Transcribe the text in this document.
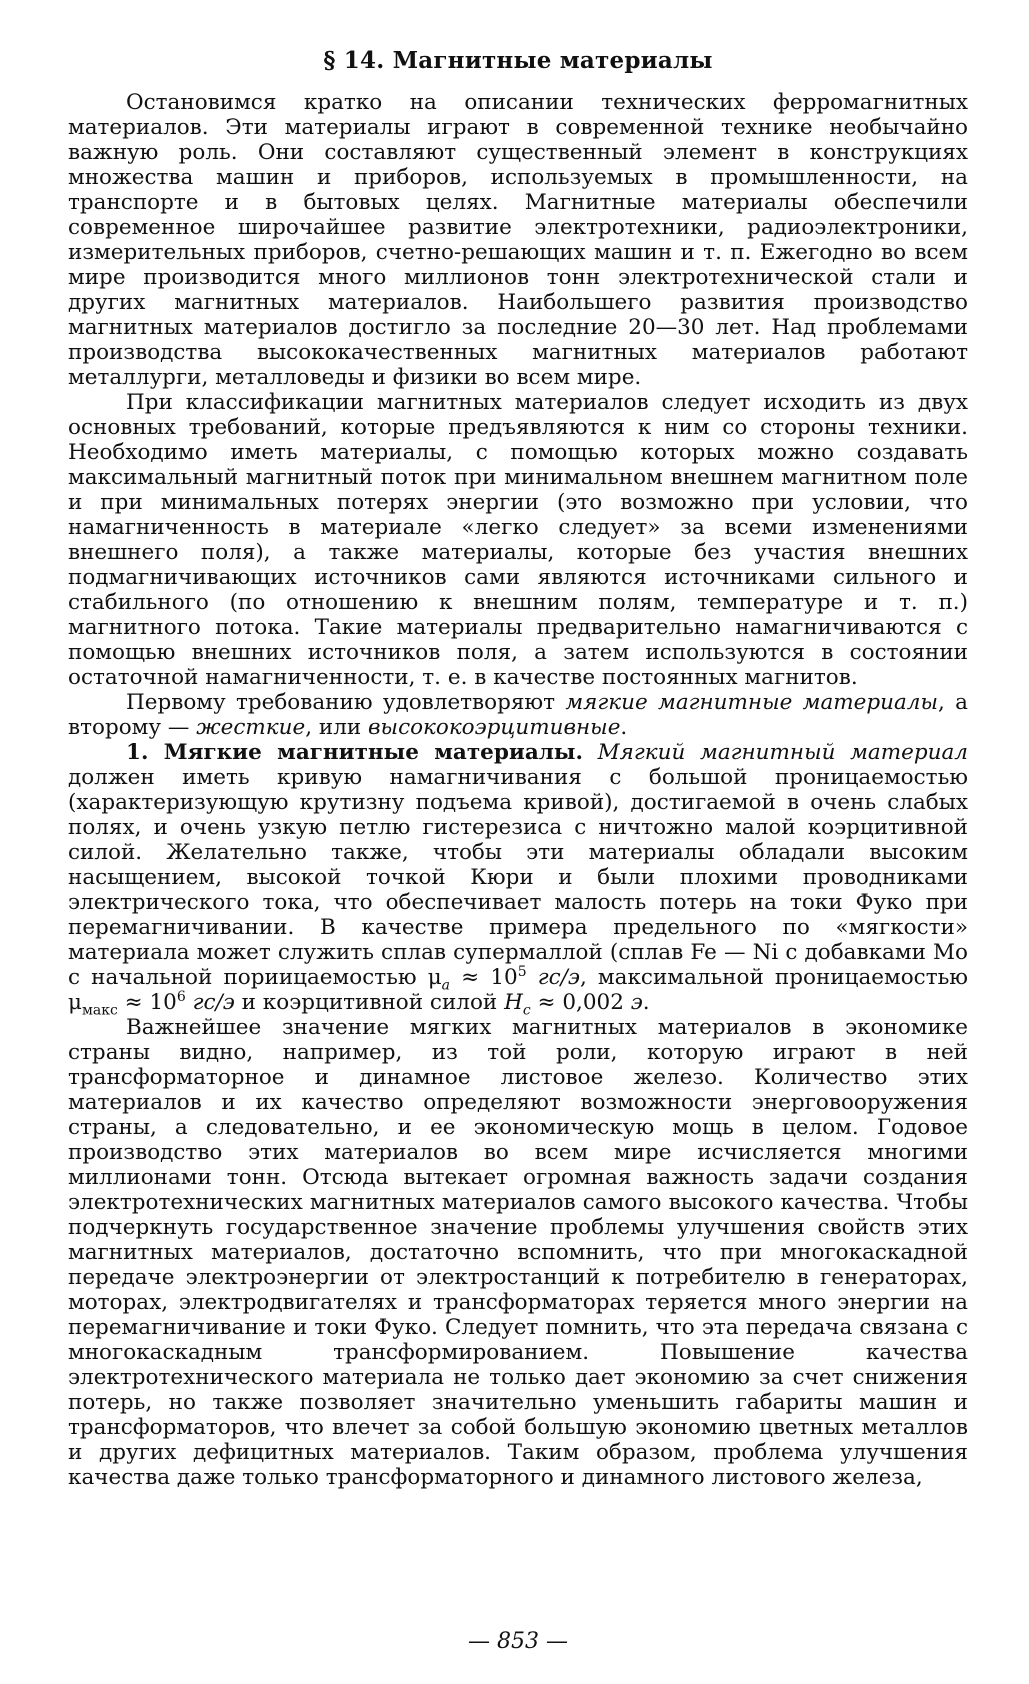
§ 14. Магнитные материалы

Остановимся кратко на описании технических ферромагнитных материалов. Эти материалы играют в современной технике необычайно важную роль. Они составляют существенный элемент в конструкциях множества машин и приборов, используемых в промышленности, на транспорте и в бытовых целях. Магнитные материалы обеспечили современное широчайшее развитие электротехники, радиоэлектроники, измерительных приборов, счетно-решающих машин и т. п. Ежегодно во всем мире производится много миллионов тонн электротехнической стали и других магнитных материалов. Наибольшего развития производство магнитных материалов достигло за последние 20—30 лет. Над проблемами производства высококачественных магнитных материалов работают металлурги, металловеды и физики во всем мире.

При классификации магнитных материалов следует исходить из двух основных требований, которые предъявляются к ним со стороны техники. Необходимо иметь материалы, с помощью которых можно создавать максимальный магнитный поток при минимальном внешнем магнитном поле и при минимальных потерях энергии (это возможно при условии, что намагниченность в материале «легко следует» за всеми изменениями внешнего поля), а также материалы, которые без участия внешних подмагничивающих источников сами являются источниками сильного и стабильного (по отношению к внешним полям, температуре и т. п.) магнитного потока. Такие материалы предварительно намагничиваются с помощью внешних источников поля, а затем используются в состоянии остаточной намагниченности, т. е. в качестве постоянных магнитов.

Первому требованию удовлетворяют мягкие магнитные материалы, а второму — жесткие, или высококоэрцитивные.

1. Мягкие магнитные материалы. Мягкий магнитный материал должен иметь кривую намагничивания с большой проницаемостью (характеризующую крутизну подъема кривой), достигаемой в очень слабых полях, и очень узкую петлю гистерезиса с ничтожно малой коэрцитивной силой. Желательно также, чтобы эти материалы обладали высоким насыщением, высокой точкой Кюри и были плохими проводниками электрического тока, что обеспечивает малость потерь на токи Фуко при перемагничивании. В качестве примера предельного по «мягкости» материала может служить сплав супермаллой (сплав Fe — Ni с добавками Mo с начальной пориицаемостью $\mu_a \approx 10^5$ гс/э, максимальной проницаемостью $\mu_{макс} \approx 10^6$ гс/э и коэрцитивной силой $H_c \approx 0,002$ э.

Важнейшее значение мягких магнитных материалов в экономике страны видно, например, из той роли, которую играют в ней трансформаторное и динамное листовое железо. Количество этих материалов и их качество определяют возможности энерговооружения страны, а следовательно, и ее экономическую мощь в целом. Годовое производство этих материалов во всем мире исчисляется многими миллионами тонн. Отсюда вытекает огромная важность задачи создания электротехнических магнитных материалов самого высокого качества. Чтобы подчеркнуть государственное значение проблемы улучшения свойств этих магнитных материалов, достаточно вспомнить, что при многокаскадной передаче электроэнергии от электростанций к потребителю в генераторах, моторах, электродвигателях и трансформаторах теряется много энергии на перемагничивание и токи Фуко. Следует помнить, что эта передача связана с многокаскадным трансформированием. Повышение качества электротехнического материала не только дает экономию за счет снижения потерь, но также позволяет значительно уменьшить габариты машин и трансформаторов, что влечет за собой большую экономию цветных металлов и других дефицитных материалов. Таким образом, проблема улучшения качества даже только трансформаторного и динамного листового железа,

— 853 —
